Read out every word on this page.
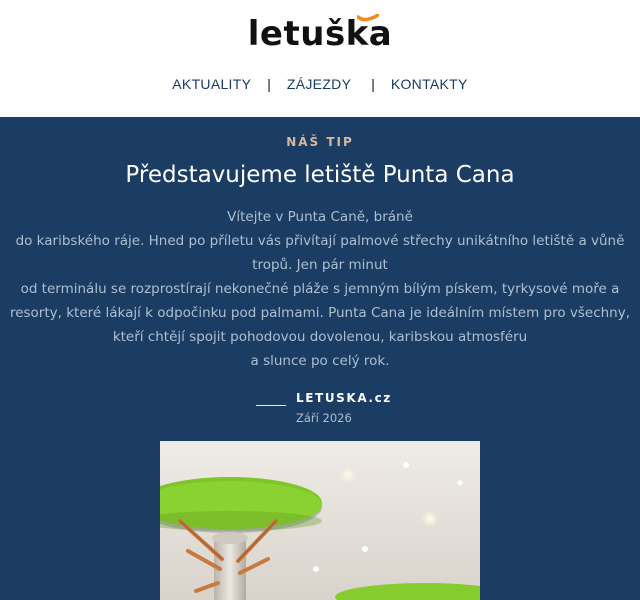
letuška
AKTUALITY | ZÁJEZDY | KONTAKTY
NÁŠ TIP
Představujeme letiště Punta Cana

Vítejte v Punta Caně, bráně
do karibského ráje. Hned po příletu vás přivítají palmové střechy unikátního letiště a vůně
tropů. Jen pár minut
od terminálu se rozprostírají nekonečné pláže s jemným bílým pískem, tyrkysové moře a
resorty, které lákají k odpočinku pod palmami. Punta Cana je ideálním místem pro všechny,
kteří chtějí spojit pohodovou dovolenou, karibskou atmosféru
a slunce po celý rok.

LETUSKA.cz
Září 2026
